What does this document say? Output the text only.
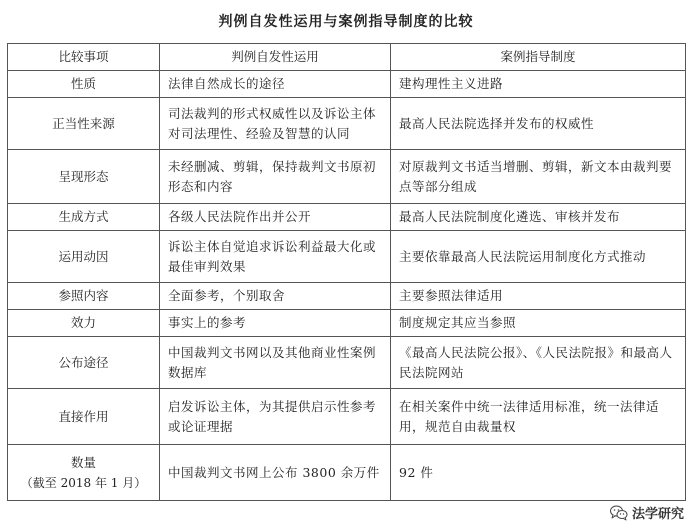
判例自发性运用与案例指导制度的比较
比较事项	判例自发性运用	案例指导制度
性质	法律自然成长的途径	建构理性主义进路
正当性来源	司法裁判的形式权威性以及诉讼主体对司法理性、经验及智慧的认同	最高人民法院选择并发布的权威性
呈现形态	未经删减、剪辑，保持裁判文书原初形态和内容	对原裁判文书适当增删、剪辑，新文本由裁判要点等部分组成
生成方式	各级人民法院作出并公开	最高人民法院制度化遴选、审核并发布
运用动因	诉讼主体自觉追求诉讼利益最大化或最佳审判效果	主要依靠最高人民法院运用制度化方式推动
参照内容	全面参考，个别取舍	主要参照法律适用
效力	事实上的参考	制度规定其应当参照
公布途径	中国裁判文书网以及其他商业性案例数据库	《最高人民法院公报》、《人民法院报》和最高人民法院网站
直接作用	启发诉讼主体，为其提供启示性参考或论证理据	在相关案件中统一法律适用标准，统一法律适用，规范自由裁量权
数量
（截至 2018 年 1 月）	中国裁判文书网上公布 3800 余万件	92 件
法学研究
